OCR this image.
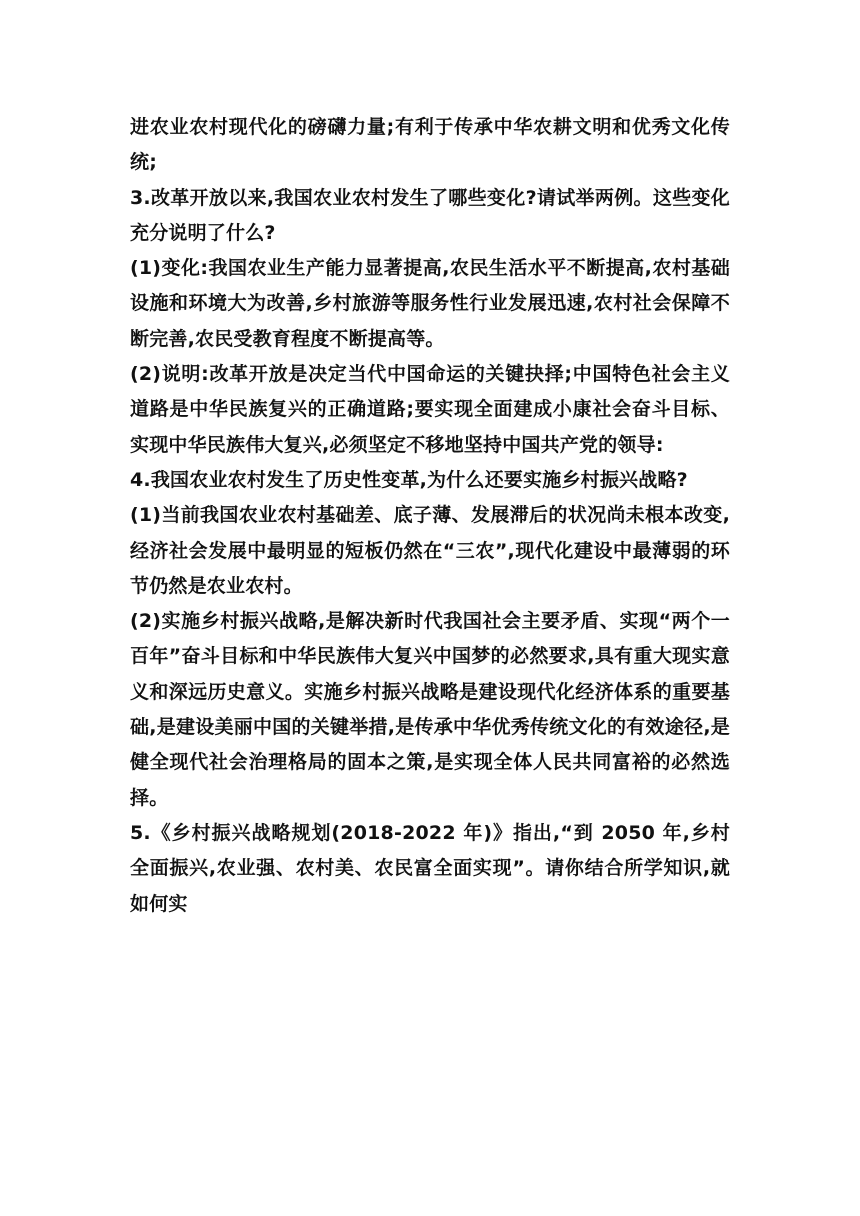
进农业农村现代化的磅礴力量;有利于传承中华农耕文明和优秀文化传统;

3.改革开放以来,我国农业农村发生了哪些变化?请试举两例。这些变化充分说明了什么?

(1)变化:我国农业生产能力显著提高,农民生活水平不断提高,农村基础设施和环境大为改善,乡村旅游等服务性行业发展迅速,农村社会保障不断完善,农民受教育程度不断提高等。

(2)说明:改革开放是决定当代中国命运的关键抉择;中国特色社会主义道路是中华民族复兴的正确道路;要实现全面建成小康社会奋斗目标、实现中华民族伟大复兴,必须坚定不移地坚持中国共产党的领导:

4.我国农业农村发生了历史性变革,为什么还要实施乡村振兴战略?

(1)当前我国农业农村基础差、底子薄、发展滞后的状况尚未根本改变,经济社会发展中最明显的短板仍然在“三农”,现代化建设中最薄弱的环节仍然是农业农村。

(2)实施乡村振兴战略,是解决新时代我国社会主要矛盾、实现“两个一百年”奋斗目标和中华民族伟大复兴中国梦的必然要求,具有重大现实意义和深远历史意义。实施乡村振兴战略是建设现代化经济体系的重要基础,是建设美丽中国的关键举措,是传承中华优秀传统文化的有效途径,是健全现代社会治理格局的固本之策,是实现全体人民共同富裕的必然选择。

5.《乡村振兴战略规划(2018-2022 年)》指出,“到 2050 年,乡村全面振兴,农业强、农村美、农民富全面实现”。请你结合所学知识,就如何实
